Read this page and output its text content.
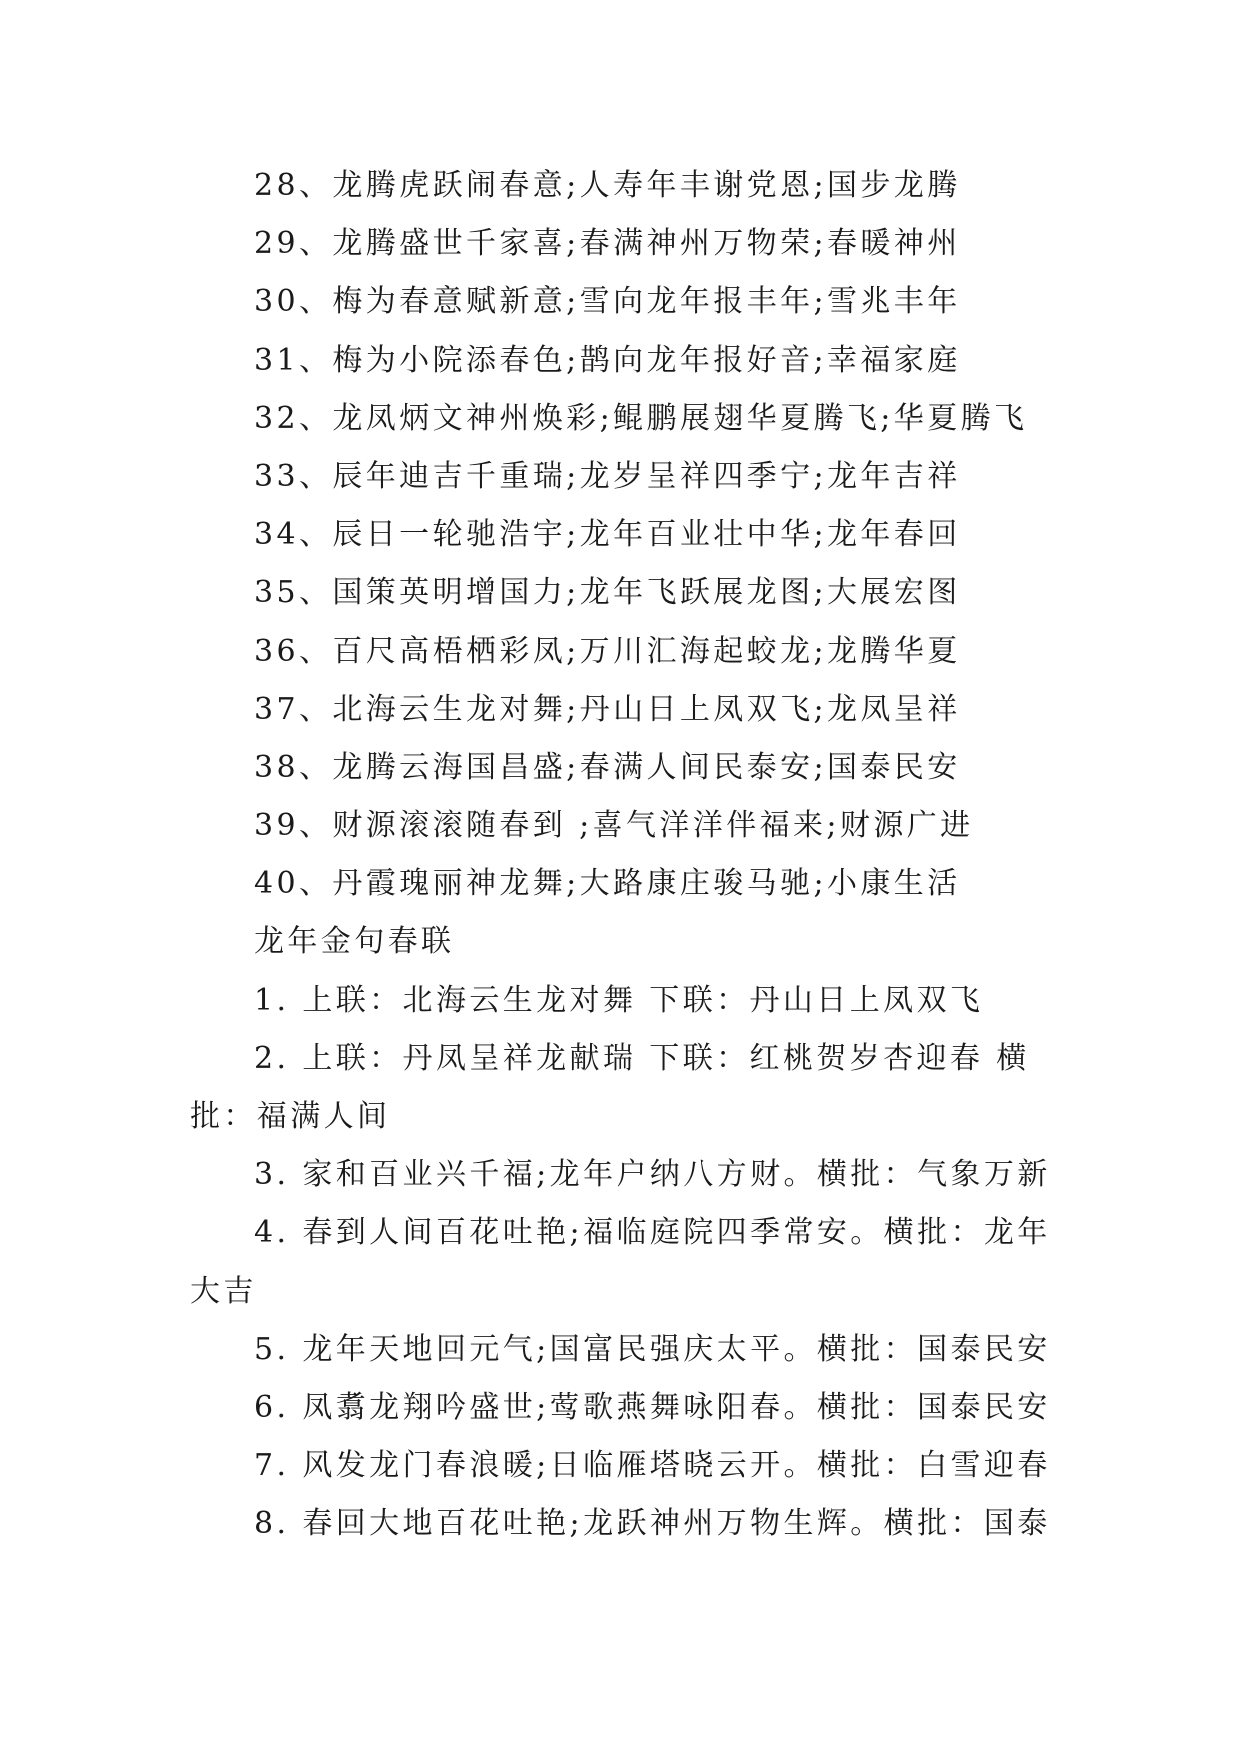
28、龙腾虎跃闹春意;人寿年丰谢党恩;国步龙腾
29、龙腾盛世千家喜;春满神州万物荣;春暖神州
30、梅为春意赋新意;雪向龙年报丰年;雪兆丰年
31、梅为小院添春色;鹊向龙年报好音;幸福家庭
32、龙凤炳文神州焕彩;鲲鹏展翅华夏腾飞;华夏腾飞
33、辰年迪吉千重瑞;龙岁呈祥四季宁;龙年吉祥
34、辰日一轮驰浩宇;龙年百业壮中华;龙年春回
35、国策英明增国力;龙年飞跃展龙图;大展宏图
36、百尺高梧栖彩凤;万川汇海起蛟龙;龙腾华夏
37、北海云生龙对舞;丹山日上凤双飞;龙凤呈祥
38、龙腾云海国昌盛;春满人间民泰安;国泰民安
39、财源滚滚随春到 ;喜气洋洋伴福来;财源广进
40、丹霞瑰丽神龙舞;大路康庄骏马驰;小康生活
龙年金句春联
1. 上联：北海云生龙对舞 下联：丹山日上凤双飞
2. 上联：丹凤呈祥龙献瑞 下联：红桃贺岁杏迎春 横
批：福满人间
3. 家和百业兴千福;龙年户纳八方财。横批：气象万新
4. 春到人间百花吐艳;福临庭院四季常安。横批：龙年
大吉
5. 龙年天地回元气;国富民强庆太平。横批：国泰民安
6. 凤翥龙翔吟盛世;莺歌燕舞咏阳春。横批：国泰民安
7. 风发龙门春浪暖;日临雁塔晓云开。横批：白雪迎春
8. 春回大地百花吐艳;龙跃神州万物生辉。横批：国泰
